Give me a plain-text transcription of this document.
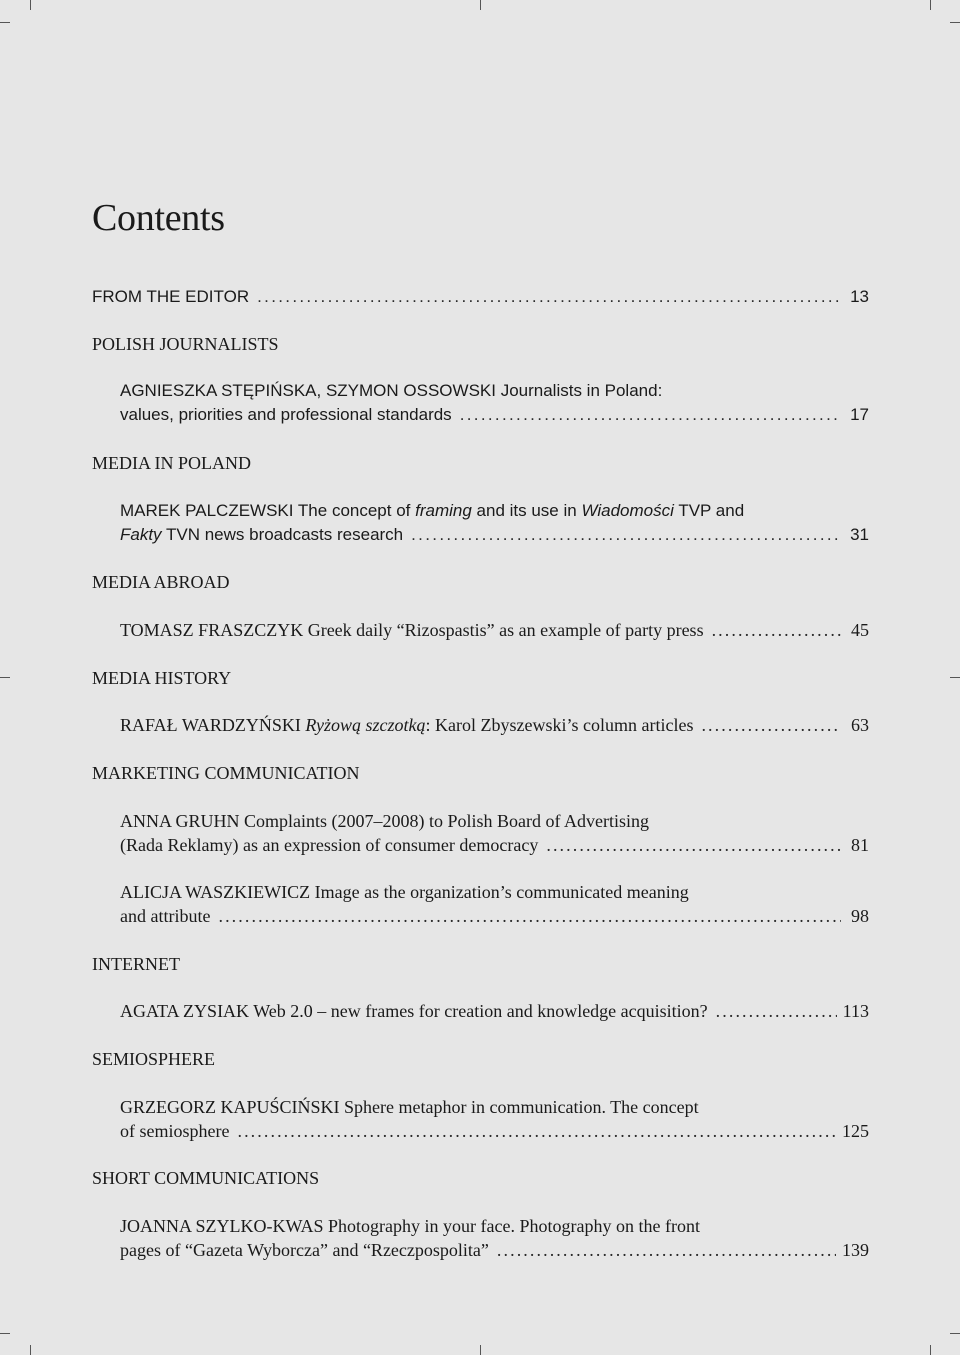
Contents
FROM THE EDITOR . . .	13
POLISH JOURNALISTS
AGNIESZKA STĘPIŃSKA, SZYMON OSSOWSKI Journalists in Poland:
values, priorities and professional standards . . .	17
MEDIA IN POLAND
MAREK PALCZEWSKI The concept of framing and its use in Wiadomości TVP and
Fakty TVN news broadcasts research . . .	31
MEDIA ABROAD
TOMASZ FRASZCZYK Greek daily “Rizospastis” as an example of party press . . .	45
MEDIA HISTORY
RAFAŁ WARDZYŃSKI Ryżową szczotką: Karol Zbyszewski’s column articles . . .	63
MARKETING COMMUNICATION
ANNA GRUHN Complaints (2007–2008) to Polish Board of Advertising
(Rada Reklamy) as an expression of consumer democracy . . .	81
ALICJA WASZKIEWICZ Image as the organization’s communicated meaning
and attribute . . .	98
INTERNET
AGATA ZYSIAK Web 2.0 – new frames for creation and knowledge acquisition? . . .	113
SEMIOSPHERE
GRZEGORZ KAPUŚCIŃSKI Sphere metaphor in communication. The concept
of semiosphere . . .	125
SHORT COMMUNICATIONS
JOANNA SZYLKO-KWAS Photography in your face. Photography on the front
pages of “Gazeta Wyborcza” and “Rzeczpospolita” . . .	139
